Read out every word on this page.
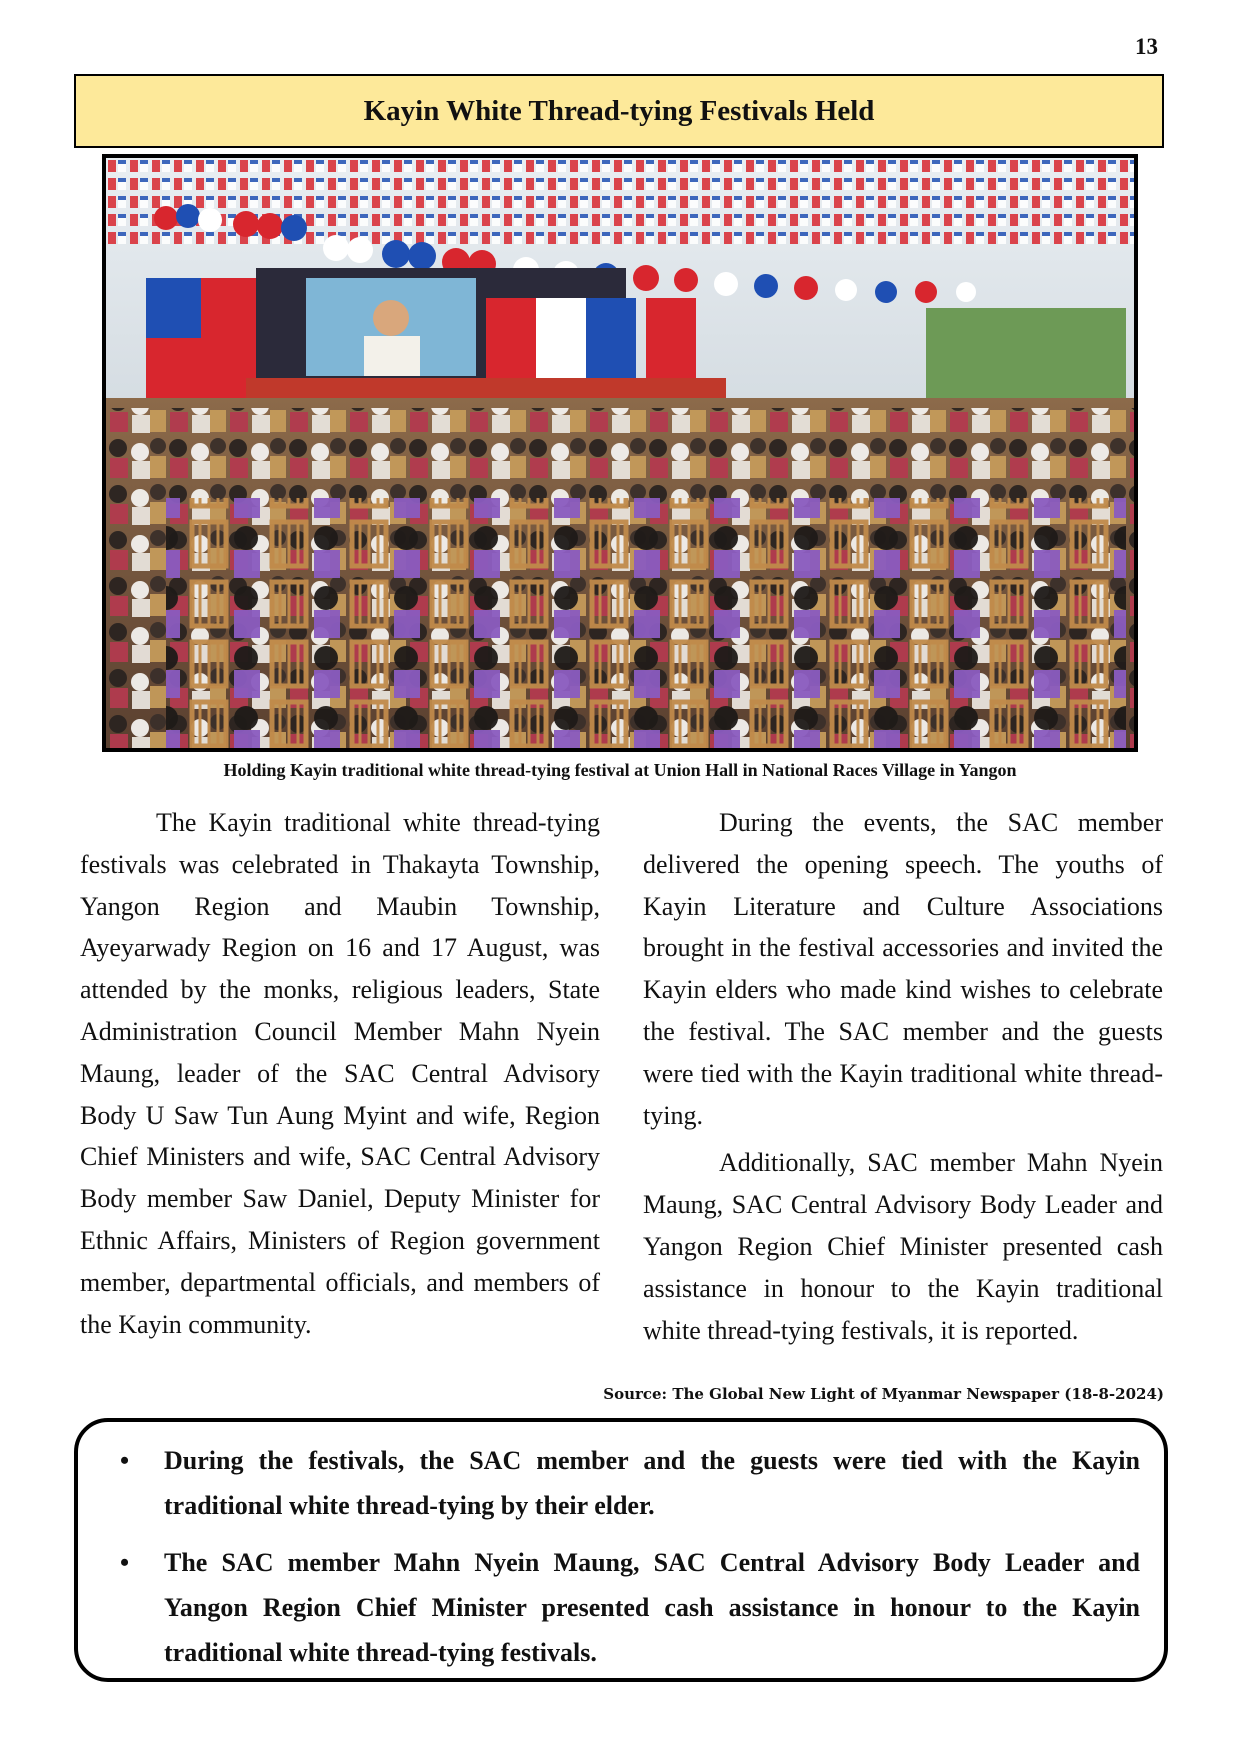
13
Kayin White Thread-tying Festivals Held
Holding Kayin traditional white thread-tying festival at Union Hall in National Races Village in Yangon

The Kayin traditional white thread-tying festivals was celebrated in Thakayta Township, Yangon Region and Maubin Township, Ayeyarwady Region on 16 and 17 August, was attended by the monks, religious leaders, State Administration Council Member Mahn Nyein Maung, leader of the SAC Central Advisory Body U Saw Tun Aung Myint and wife, Region Chief Ministers and wife, SAC Central Advisory Body member Saw Daniel, Deputy Minister for Ethnic Affairs, Ministers of Region government member, departmental officials, and members of the Kayin community.

During the events, the SAC member delivered the opening speech. The youths of Kayin Literature and Culture Associations brought in the festival accessories and invited the Kayin elders who made kind wishes to celebrate the festival. The SAC member and the guests were tied with the Kayin traditional white thread-tying.

Additionally, SAC member Mahn Nyein Maung, SAC Central Advisory Body Leader and Yangon Region Chief Minister presented cash assistance in honour to the Kayin traditional white thread-tying festivals, it is reported.

Source: The Global New Light of Myanmar Newspaper (18-8-2024)
• During the festivals, the SAC member and the guests were tied with the Kayin traditional white thread-tying by their elder.
• The SAC member Mahn Nyein Maung, SAC Central Advisory Body Leader and Yangon Region Chief Minister presented cash assistance in honour to the Kayin traditional white thread-tying festivals.
